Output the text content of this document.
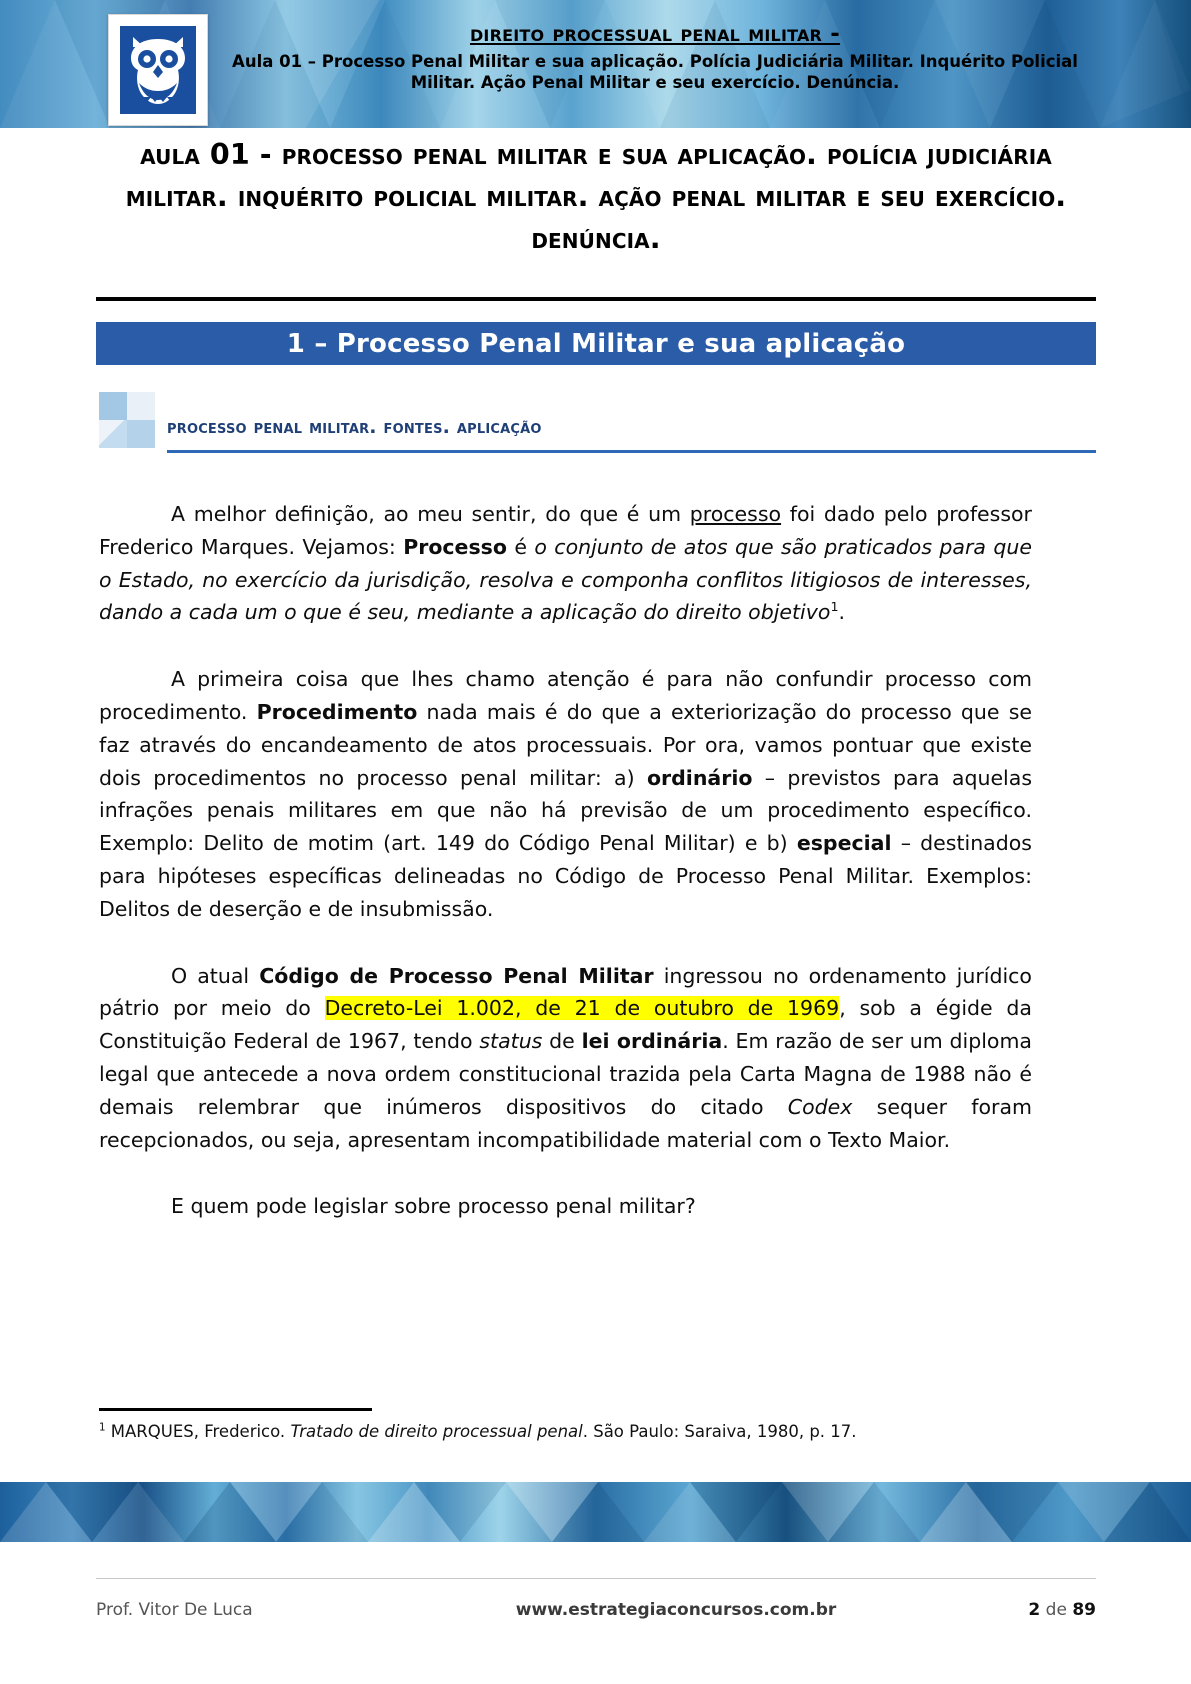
direito processual penal militar -
Aula 01 – Processo Penal Militar e sua aplicação. Polícia Judiciária Militar. Inquérito Policial Militar. Ação Penal Militar e seu exercício. Denúncia.
aula 01 - processo penal militar e sua aplicação. polícia judiciária militar. inquérito policial militar. ação penal militar e seu exercício. denúncia.
1 – Processo Penal Militar e sua aplicação
processo penal militar. fontes. aplicação

A melhor definição, ao meu sentir, do que é um processo foi dado pelo professor Frederico Marques. Vejamos: Processo é o conjunto de atos que são praticados para que o Estado, no exercício da jurisdição, resolva e componha conflitos litigiosos de interesses, dando a cada um o que é seu, mediante a aplicação do direito objetivo$^1$.

A primeira coisa que lhes chamo atenção é para não confundir processo com procedimento. Procedimento nada mais é do que a exteriorização do processo que se faz através do encandeamento de atos processuais. Por ora, vamos pontuar que existe dois procedimentos no processo penal militar: a) ordinário – previstos para aquelas infrações penais militares em que não há previsão de um procedimento específico. Exemplo: Delito de motim (art. 149 do Código Penal Militar) e b) especial – destinados para hipóteses específicas delineadas no Código de Processo Penal Militar. Exemplos: Delitos de deserção e de insubmissão.

O atual Código de Processo Penal Militar ingressou no ordenamento jurídico pátrio por meio do Decreto-Lei 1.002, de 21 de outubro de 1969, sob a égide da Constituição Federal de 1967, tendo status de lei ordinária. Em razão de ser um diploma legal que antecede a nova ordem constitucional trazida pela Carta Magna de 1988 não é demais relembrar que inúmeros dispositivos do citado Codex sequer foram recepcionados, ou seja, apresentam incompatibilidade material com o Texto Maior.

E quem pode legislar sobre processo penal militar?

$^1$ MARQUES, Frederico. Tratado de direito processual penal. São Paulo: Saraiva, 1980, p. 17.
Prof. Vitor De Luca	www.estrategiaconcursos.com.br	2 de 89
